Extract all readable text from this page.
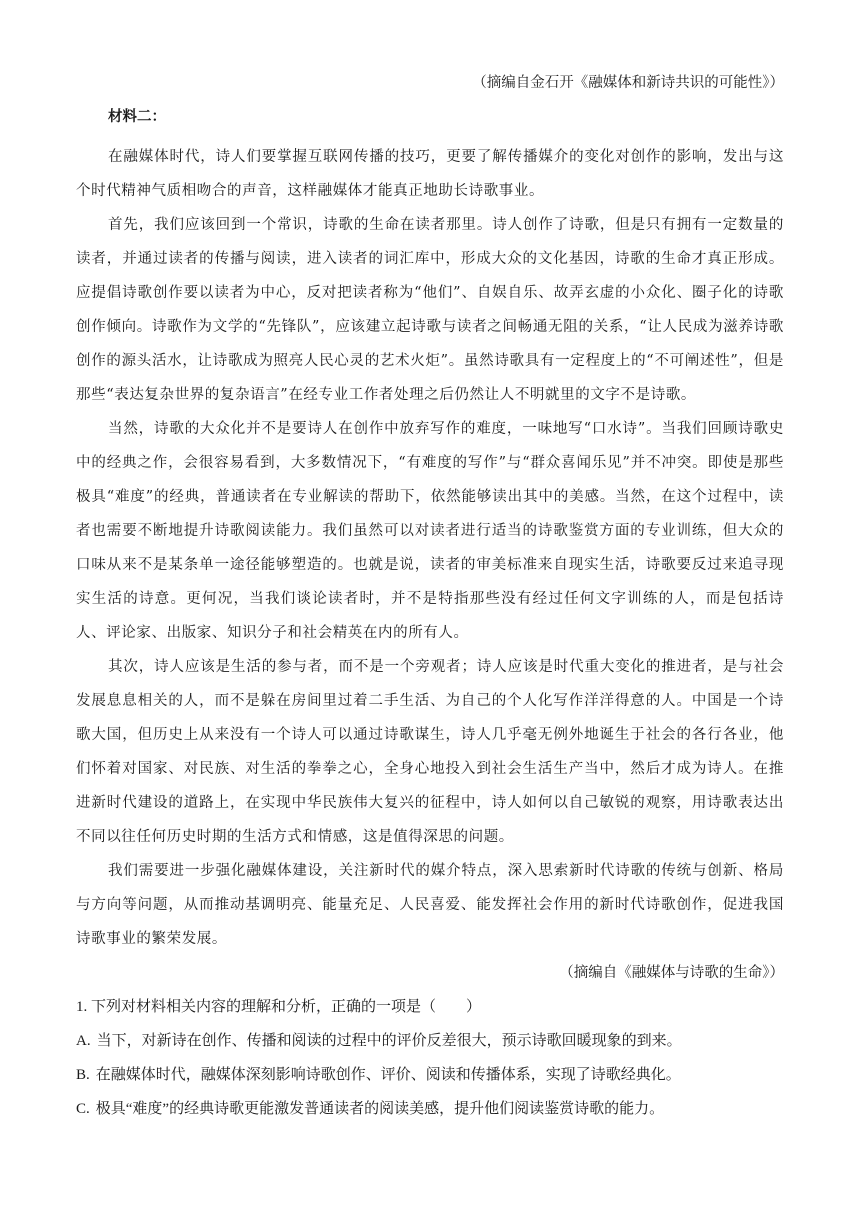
（摘编自金石开《融媒体和新诗共识的可能性》）
材料二：

在融媒体时代，诗人们要掌握互联网传播的技巧，更要了解传播媒介的变化对创作的影响，发出与这个时代精神气质相吻合的声音，这样融媒体才能真正地助长诗歌事业。

首先，我们应该回到一个常识，诗歌的生命在读者那里。诗人创作了诗歌，但是只有拥有一定数量的读者，并通过读者的传播与阅读，进入读者的词汇库中，形成大众的文化基因，诗歌的生命才真正形成。应提倡诗歌创作要以读者为中心，反对把读者称为“他们”、自娱自乐、故弄玄虚的小众化、圈子化的诗歌创作倾向。诗歌作为文学的“先锋队”，应该建立起诗歌与读者之间畅通无阻的关系，“让人民成为滋养诗歌创作的源头活水，让诗歌成为照亮人民心灵的艺术火炬”。虽然诗歌具有一定程度上的“不可阐述性”，但是那些“表达复杂世界的复杂语言”在经专业工作者处理之后仍然让人不明就里的文字不是诗歌。

当然，诗歌的大众化并不是要诗人在创作中放弃写作的难度，一味地写“口水诗”。当我们回顾诗歌史中的经典之作，会很容易看到，大多数情况下，“有难度的写作”与“群众喜闻乐见”并不冲突。即使是那些极具“难度”的经典，普通读者在专业解读的帮助下，依然能够读出其中的美感。当然，在这个过程中，读者也需要不断地提升诗歌阅读能力。我们虽然可以对读者进行适当的诗歌鉴赏方面的专业训练，但大众的口味从来不是某条单一途径能够塑造的。也就是说，读者的审美标准来自现实生活，诗歌要反过来追寻现实生活的诗意。更何况，当我们谈论读者时，并不是特指那些没有经过任何文字训练的人，而是包括诗人、评论家、出版家、知识分子和社会精英在内的所有人。

其次，诗人应该是生活的参与者，而不是一个旁观者；诗人应该是时代重大变化的推进者，是与社会发展息息相关的人，而不是躲在房间里过着二手生活、为自己的个人化写作洋洋得意的人。中国是一个诗歌大国，但历史上从来没有一个诗人可以通过诗歌谋生，诗人几乎毫无例外地诞生于社会的各行各业，他们怀着对国家、对民族、对生活的拳拳之心，全身心地投入到社会生活生产当中，然后才成为诗人。在推进新时代建设的道路上，在实现中华民族伟大复兴的征程中，诗人如何以自己敏锐的观察，用诗歌表达出不同以往任何历史时期的生活方式和情感，这是值得深思的问题。

我们需要进一步强化融媒体建设，关注新时代的媒介特点，深入思索新时代诗歌的传统与创新、格局与方向等问题，从而推动基调明亮、能量充足、人民喜爱、能发挥社会作用的新时代诗歌创作，促进我国诗歌事业的繁荣发展。

（摘编自《融媒体与诗歌的生命》）
1. 下列对材料相关内容的理解和分析，正确的一项是（　　）
A. 当下，对新诗在创作、传播和阅读的过程中的评价反差很大，预示诗歌回暖现象的到来。
B. 在融媒体时代，融媒体深刻影响诗歌创作、评价、阅读和传播体系，实现了诗歌经典化。
C. 极具“难度”的经典诗歌更能激发普通读者的阅读美感，提升他们阅读鉴赏诗歌的能力。
